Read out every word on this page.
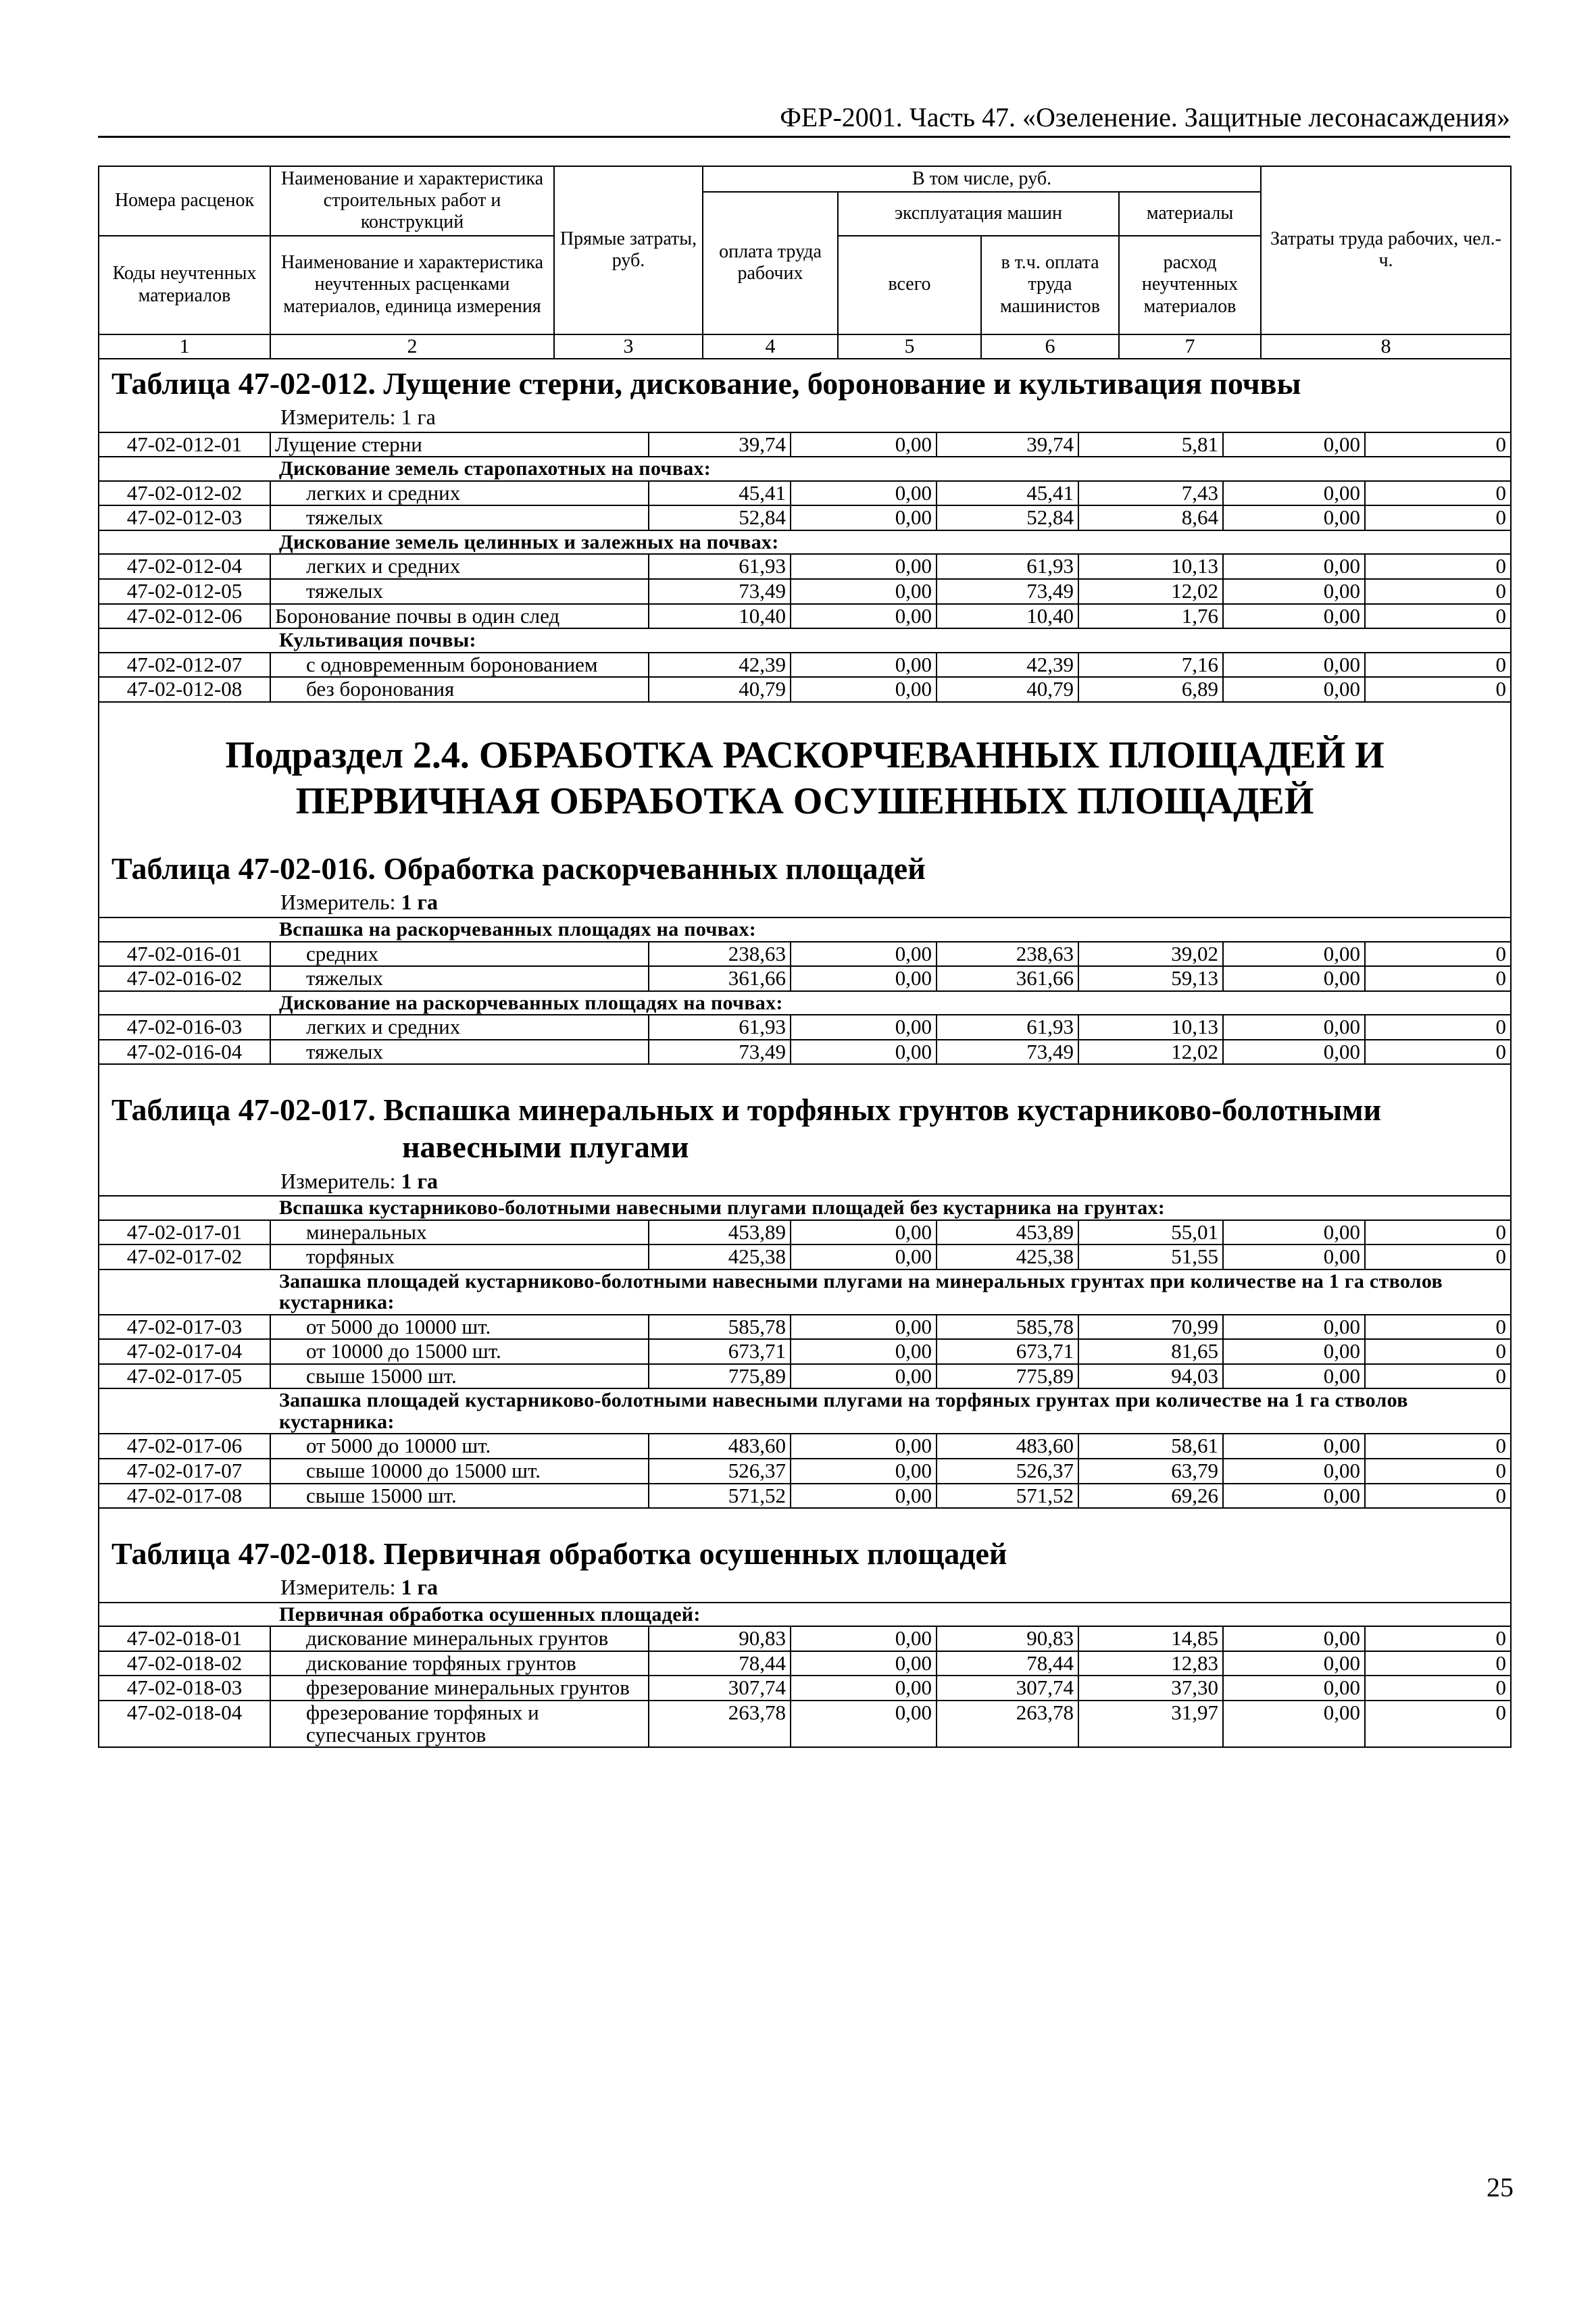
ФЕР-2001. Часть 47. «Озеленение. Защитные лесонасаждения»
Номера расценок	Наименование и характеристика строительных работ и конструкций	Прямые затраты, руб.	В том числе, руб.				Затраты труда рабочих, чел.-ч.
			оплата труда рабочих	эксплуатация машин		материалы	
Коды неучтенных материалов	Наименование и характеристика неучтенных расценками материалов, единица измерения			всего	в т.ч. оплата труда машинистов	расход неучтенных материалов	

1	2	3	4	5	6	7	8
Таблица 47-02-012. Лущение стерни, дискование, боронование и культивация почвы							
Измеритель: 1 га							
47-02-012-01	Лущение стерни	39,74	0,00	39,74	5,81	0,00	0
Дискование земель старопахотных на почвах:							
47-02-012-02	легких и средних	45,41	0,00	45,41	7,43	0,00	0
47-02-012-03	тяжелых	52,84	0,00	52,84	8,64	0,00	0
Дискование земель целинных и залежных на почвах:							
47-02-012-04	легких и средних	61,93	0,00	61,93	10,13	0,00	0
47-02-012-05	тяжелых	73,49	0,00	73,49	12,02	0,00	0
47-02-012-06	Боронование почвы в один след	10,40	0,00	10,40	1,76	0,00	0
Культивация почвы:							
47-02-012-07	с одновременным боронованием	42,39	0,00	42,39	7,16	0,00	0
47-02-012-08	без боронования	40,79	0,00	40,79	6,89	0,00	0

Подраздел 2.4. ОБРАБОТКА РАСКОРЧЕВАННЫХ ПЛОЩАДЕЙ И
ПЕРВИЧНАЯ ОБРАБОТКА ОСУШЕННЫХ ПЛОЩАДЕЙ							

Таблица 47-02-016. Обработка раскорчеванных площадей							
Измеритель: 1 га							
Вспашка на раскорчеванных площадях на почвах:							
47-02-016-01	средних	238,63	0,00	238,63	39,02	0,00	0
47-02-016-02	тяжелых	361,66	0,00	361,66	59,13	0,00	0
Дискование на раскорчеванных площадях на почвах:							
47-02-016-03	легких и средних	61,93	0,00	61,93	10,13	0,00	0
47-02-016-04	тяжелых	73,49	0,00	73,49	12,02	0,00	0

Таблица 47-02-017. Вспашка минеральных и торфяных грунтов кустарниково-болотными
навесными плугами							

Измеритель: 1 га							
Вспашка кустарниково-болотными навесными плугами площадей без кустарника на грунтах:							
47-02-017-01	минеральных	453,89	0,00	453,89	55,01	0,00	0
47-02-017-02	торфяных	425,38	0,00	425,38	51,55	0,00	0
Запашка площадей кустарниково-болотными навесными плугами на минеральных грунтах при количестве на 1 га стволов кустарника:							
47-02-017-03	от 5000 до 10000 шт.	585,78	0,00	585,78	70,99	0,00	0
47-02-017-04	от 10000 до 15000 шт.	673,71	0,00	673,71	81,65	0,00	0
47-02-017-05	свыше 15000 шт.	775,89	0,00	775,89	94,03	0,00	0
Запашка площадей кустарниково-болотными навесными плугами на торфяных грунтах при количестве на 1 га стволов кустарника:							
47-02-017-06	от 5000 до 10000 шт.	483,60	0,00	483,60	58,61	0,00	0
47-02-017-07	свыше 10000 до 15000 шт.	526,37	0,00	526,37	63,79	0,00	0
47-02-017-08	свыше 15000 шт.	571,52	0,00	571,52	69,26	0,00	0

Таблица 47-02-018. Первичная обработка осушенных площадей							
Измеритель: 1 га							
Первичная обработка осушенных площадей:							
47-02-018-01	дискование минеральных грунтов	90,83	0,00	90,83	14,85	0,00	0
47-02-018-02	дискование торфяных грунтов	78,44	0,00	78,44	12,83	0,00	0
47-02-018-03	фрезерование минеральных грунтов	307,74	0,00	307,74	37,30	0,00	0
47-02-018-04	фрезерование торфяных и супесчаных грунтов	263,78	0,00	263,78	31,97	0,00	0
25
